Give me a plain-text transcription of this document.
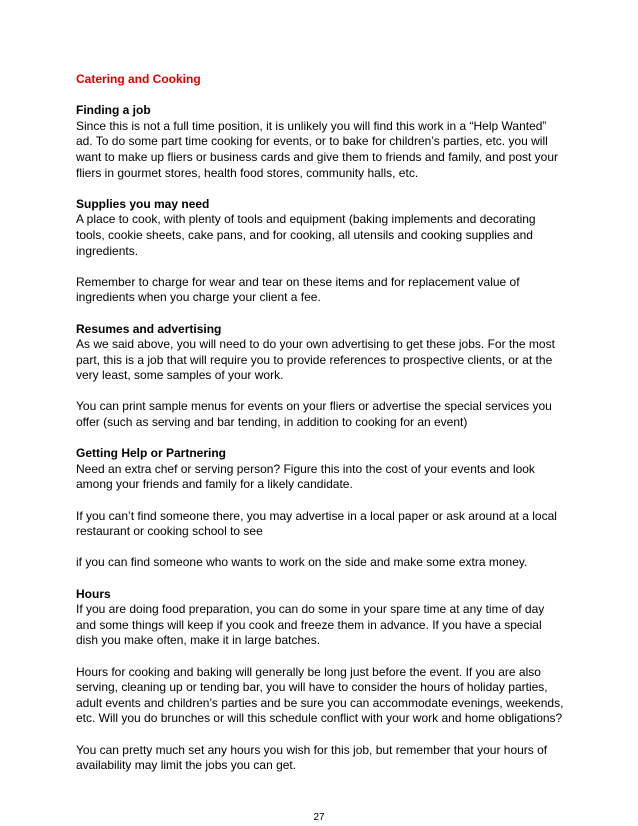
Catering and Cooking

Finding a job

Since this is not a full time position, it is unlikely you will find this work in a “Help Wanted” ad. To do some part time cooking for events, or to bake for children’s parties, etc. you will want to make up fliers or business cards and give them to friends and family, and post your fliers in gourmet stores, health food stores, community halls, etc.

Supplies you may need

A place to cook, with plenty of tools and equipment (baking implements and decorating tools, cookie sheets, cake pans, and for cooking, all utensils and cooking supplies and ingredients.

Remember to charge for wear and tear on these items and for replacement value of ingredients when you charge your client a fee.

Resumes and advertising

As we said above, you will need to do your own advertising to get these jobs. For the most part, this is a job that will require you to provide references to prospective clients, or at the very least, some samples of your work.

You can print sample menus for events on your fliers or advertise the special services you offer (such as serving and bar tending, in addition to cooking for an event)

Getting Help or Partnering

Need an extra chef or serving person? Figure this into the cost of your events and look among your friends and family for a likely candidate.

If you can’t find someone there, you may advertise in a local paper or ask around at a local restaurant or cooking school to see

if you can find someone who wants to work on the side and make some extra money.

Hours

If you are doing food preparation, you can do some in your spare time at any time of day and some things will keep if you cook and freeze them in advance. If you have a special dish you make often, make it in large batches.

Hours for cooking and baking will generally be long just before the event. If you are also serving, cleaning up or tending bar, you will have to consider the hours of holiday parties, adult events and children’s parties and be sure you can accommodate evenings, weekends, etc. Will you do brunches or will this schedule conflict with your work and home obligations?

You can pretty much set any hours you wish for this job, but remember that your hours of availability may limit the jobs you can get.

27
